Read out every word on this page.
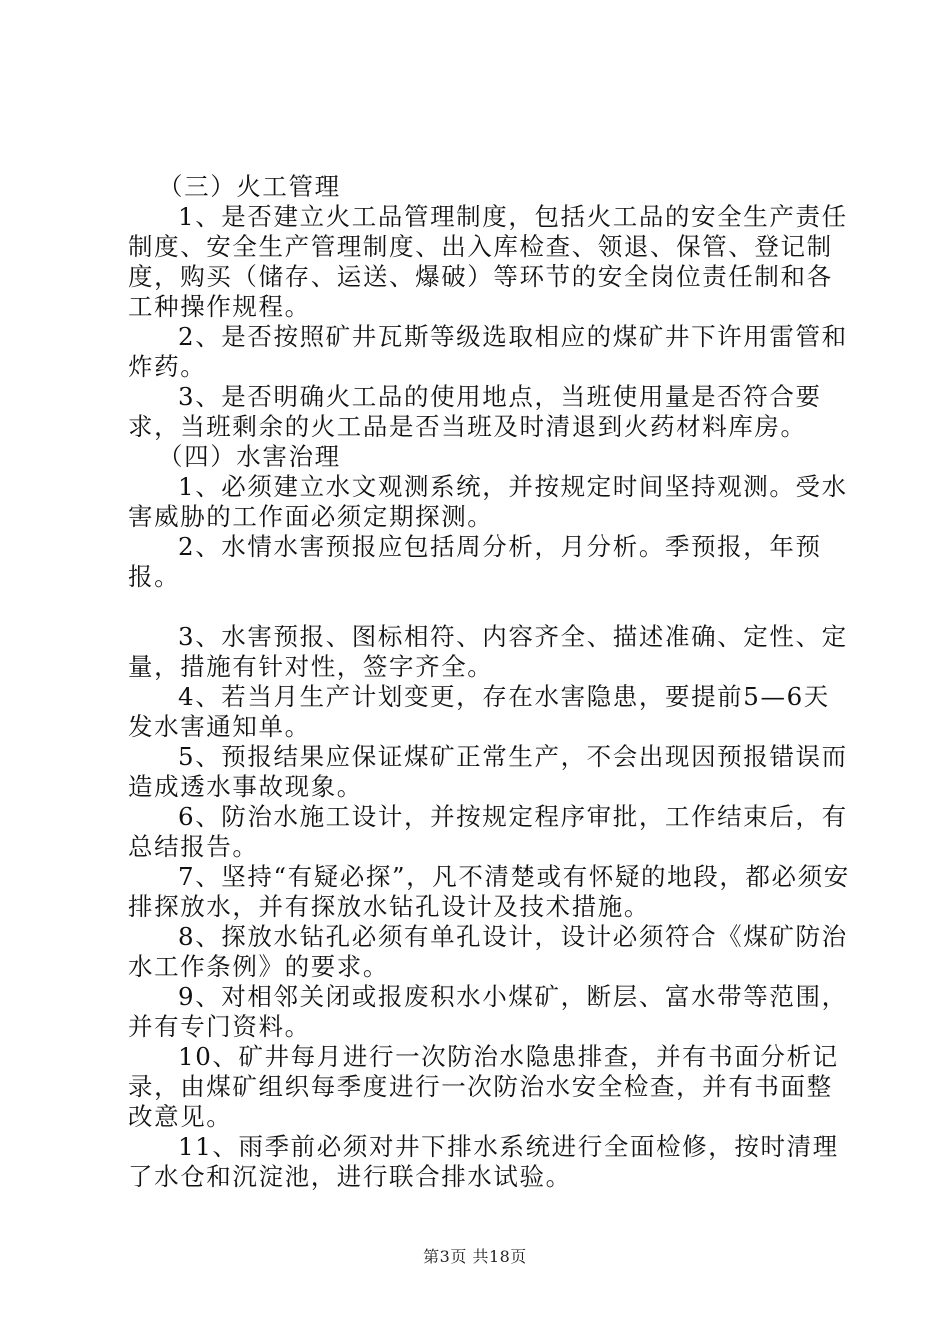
（三）火工管理

1、是否建立火工品管理制度，包括火工品的安全生产责任制度、安全生产管理制度、出入库检查、领退、保管、登记制度，购买（储存、运送、爆破）等环节的安全岗位责任制和各工种操作规程。

2、是否按照矿井瓦斯等级选取相应的煤矿井下许用雷管和炸药。

3、是否明确火工品的使用地点，当班使用量是否符合要求，当班剩余的火工品是否当班及时清退到火药材料库房。

（四）水害治理

1、必须建立水文观测系统，并按规定时间坚持观测。受水害威胁的工作面必须定期探测。

2、水情水害预报应包括周分析，月分析。季预报，年预报。

3、水害预报、图标相符、内容齐全、描述准确、定性、定量，措施有针对性，签字齐全。

4、若当月生产计划变更，存在水害隐患，要提前5—6天发水害通知单。

5、预报结果应保证煤矿正常生产，不会出现因预报错误而造成透水事故现象。

6、防治水施工设计，并按规定程序审批，工作结束后，有总结报告。

7、坚持“有疑必探”，凡不清楚或有怀疑的地段，都必须安排探放水，并有探放水钻孔设计及技术措施。

8、探放水钻孔必须有单孔设计，设计必须符合《煤矿防治水工作条例》的要求。

9、对相邻关闭或报废积水小煤矿，断层、富水带等范围，并有专门资料。

10、矿井每月进行一次防治水隐患排查，并有书面分析记录，由煤矿组织每季度进行一次防治水安全检查，并有书面整改意见。

11、雨季前必须对井下排水系统进行全面检修，按时清理了水仓和沉淀池，进行联合排水试验。

第3页 共18页
